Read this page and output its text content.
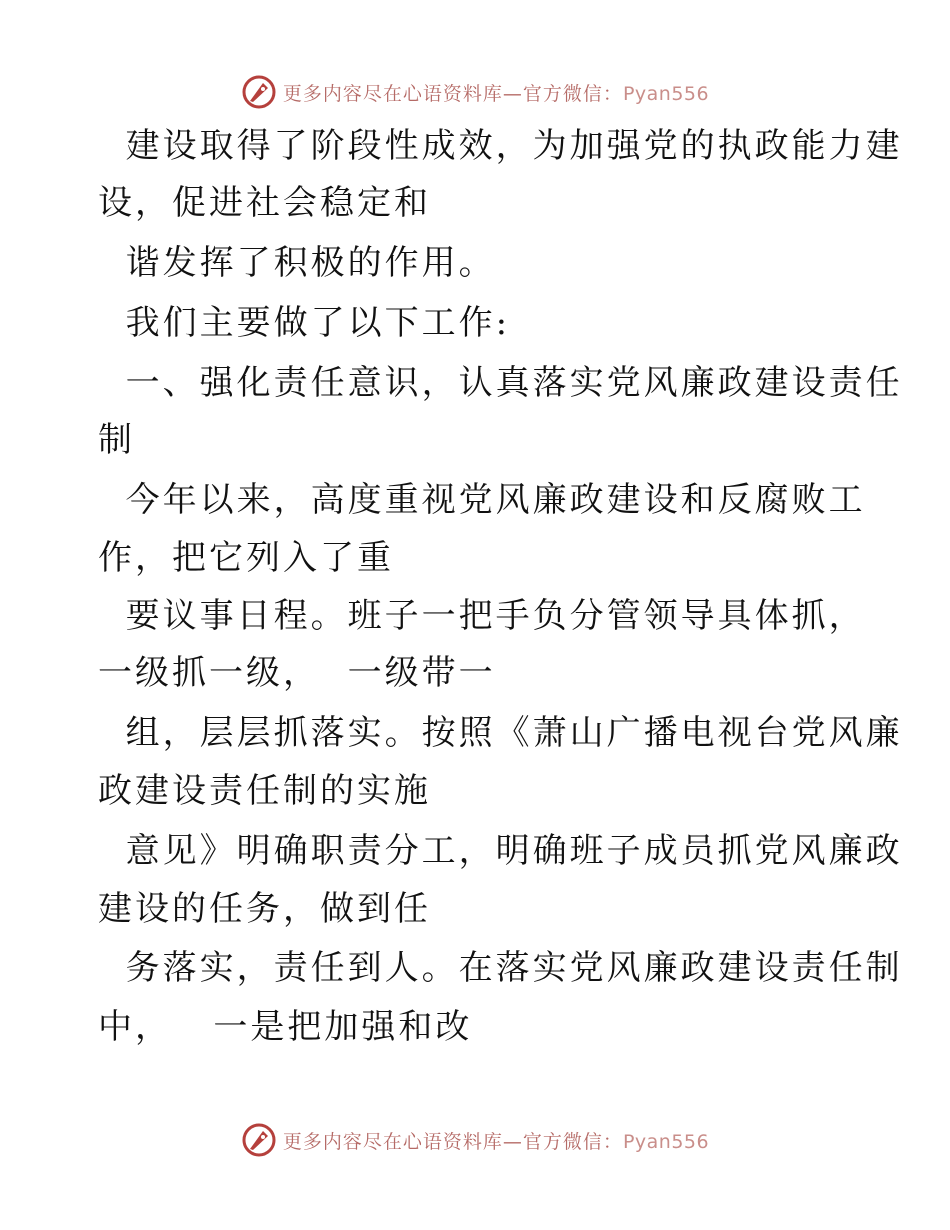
更多内容尽在心语资料库—官方微信：Pyan556
建设取得了阶段性成效，为加强党的执政能力建
设，促进社会稳定和
谐发挥了积极的作用。
我们主要做了以下工作:
一、强化责任意识，认真落实党风廉政建设责任
制
今年以来，高度重视党风廉政建设和反腐败工
作，把它列入了重
要议事日程。班子一把手负分管领导具体抓，
一级抓一级，  一级带一
组，层层抓落实。按照《萧山广播电视台党风廉
政建设责任制的实施
意见》明确职责分工，明确班子成员抓党风廉政
建设的任务，做到任
务落实，责任到人。在落实党风廉政建设责任制
中，   一是把加强和改
更多内容尽在心语资料库—官方微信：Pyan556
